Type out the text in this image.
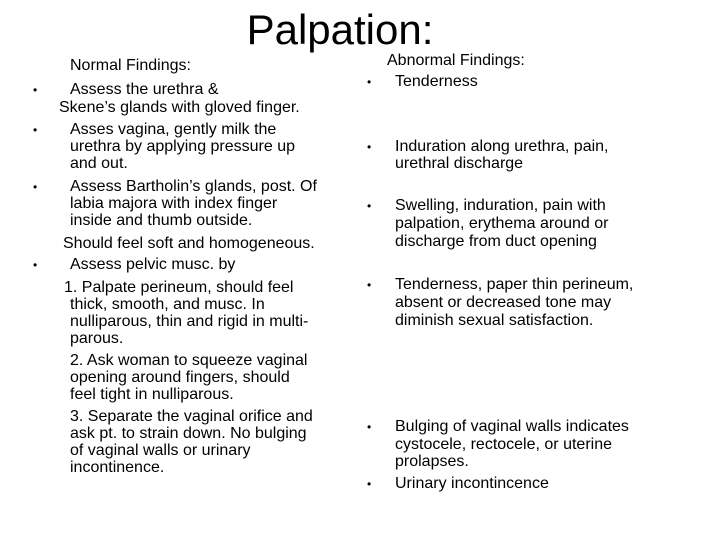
Palpation:
Normal Findings:
• Assess the urethra &
Skene’s glands with gloved finger.
• Asses vagina, gently milk the
urethra by applying pressure up
and out.
• Assess Bartholin’s glands, post. Of
labia majora with index finger
inside and thumb outside.
Should feel soft and homogeneous.
• Assess pelvic musc. by
1. Palpate perineum, should feel
thick, smooth, and musc. In
nulliparous, thin and rigid in multi-
parous.
2. Ask woman to squeeze vaginal
opening around fingers, should
feel tight in nulliparous.
3. Separate the vaginal orifice and
ask pt. to strain down. No bulging
of vaginal walls or urinary
incontinence.
Abnormal Findings:
• Tenderness
• Induration along urethra, pain,
urethral discharge
• Swelling, induration, pain with
palpation, erythema around or
discharge from duct opening
• Tenderness, paper thin perineum,
absent or decreased tone may
diminish sexual satisfaction.
• Bulging of vaginal walls indicates
cystocele, rectocele, or uterine
prolapses.
• Urinary incontincence
